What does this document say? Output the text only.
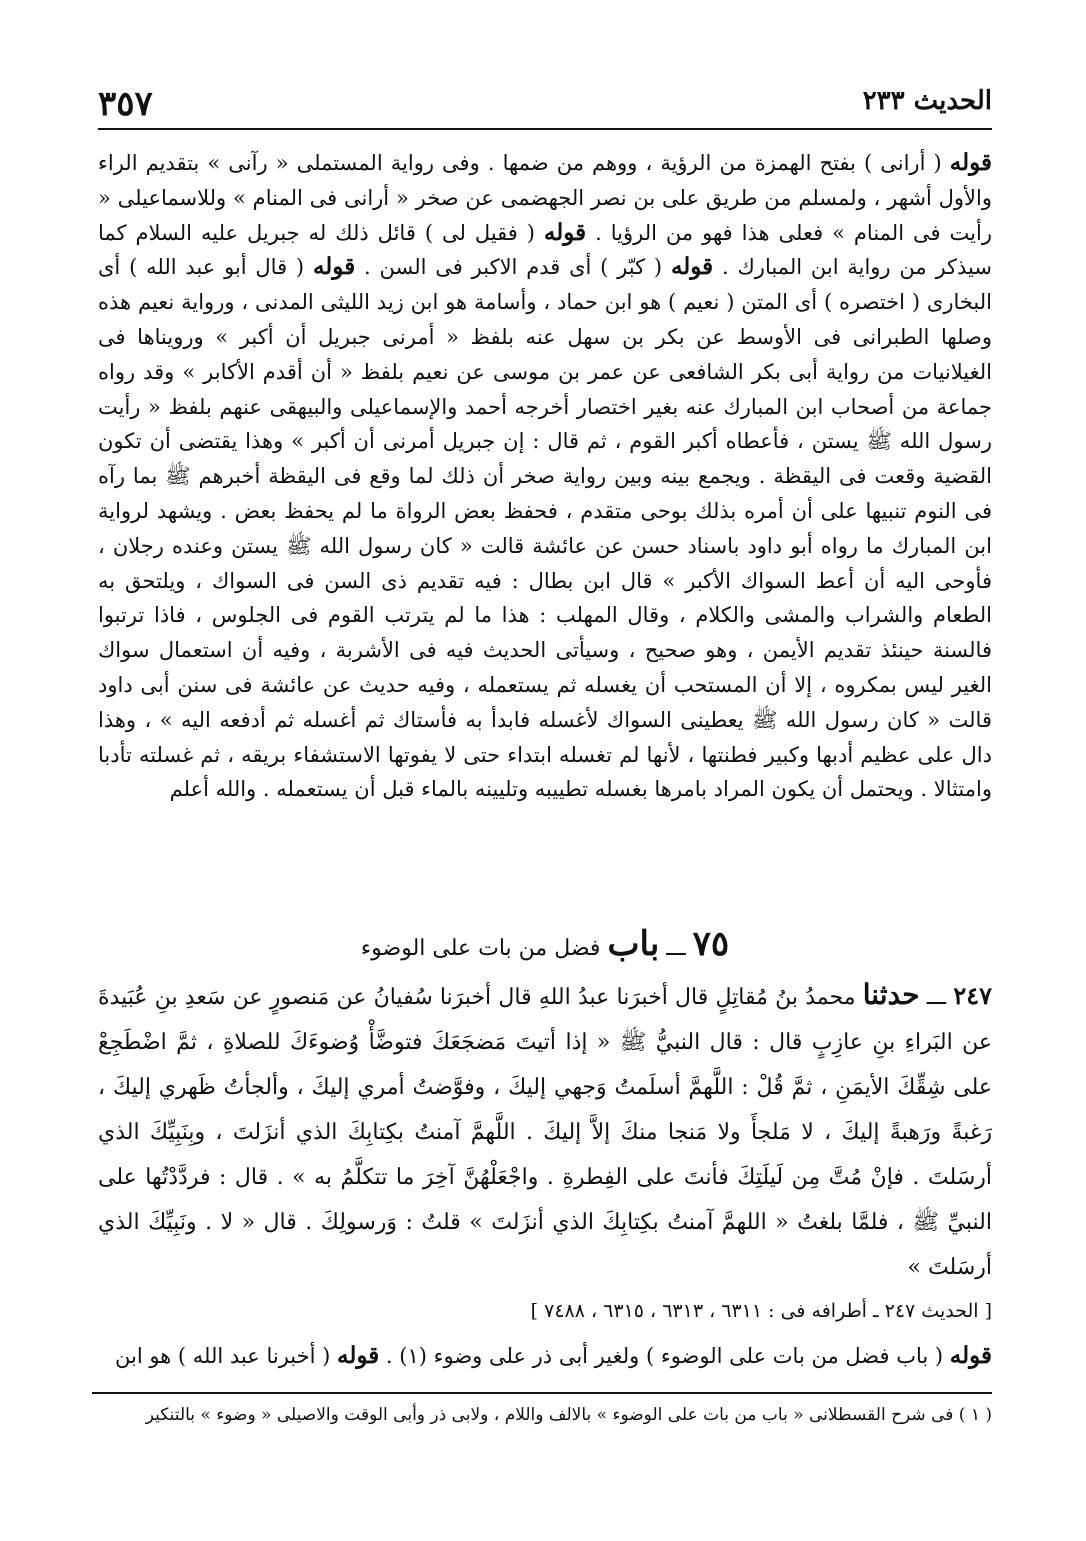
٣٥٧	الحديث ٢٣٣

قوله ( أرانى ) بفتح الهمزة من الرؤية ، ووهم من ضمها . وفى رواية المستملى « رآنى » بتقديم الراء والأول أشهر ، ولمسلم من طريق على بن نصر الجهضمى عن صخر « أرانى فى المنام » وللاسماعيلى « رأيت فى المنام » فعلى هذا فهو من الرؤيا . قوله ( فقيل لى ) قائل ذلك له جبريل عليه السلام كما سيذكر من رواية ابن المبارك . قوله ( كبّر ) أى قدم الاكبر فى السن . قوله ( قال أبو عبد الله ) أى البخارى ( اختصره ) أى المتن ( نعيم ) هو ابن حماد ، وأسامة هو ابن زيد الليثى المدنى ، ورواية نعيم هذه وصلها الطبرانى فى الأوسط عن بكر بن سهل عنه بلفظ « أمرنى جبريل أن أكبر » ورويناها فى الغيلانيات من رواية أبى بكر الشافعى عن عمر بن موسى عن نعيم بلفظ « أن أقدم الأكابر » وقد رواه جماعة من أصحاب ابن المبارك عنه بغير اختصار أخرجه أحمد والإسماعيلى والبيهقى عنهم بلفظ « رأيت رسول الله ﷺ يستن ، فأعطاه أكبر القوم ، ثم قال : إن جبريل أمرنى أن أكبر » وهذا يقتضى أن تكون القضية وقعت فى اليقظة . ويجمع بينه وبين رواية صخر أن ذلك لما وقع فى اليقظة أخبرهم ﷺ بما رآه فى النوم تنبيها على أن أمره بذلك بوحى متقدم ، فحفظ بعض الرواة ما لم يحفظ بعض . ويشهد لرواية ابن المبارك ما رواه أبو داود باسناد حسن عن عائشة قالت « كان رسول الله ﷺ يستن وعنده رجلان ، فأوحى اليه أن أعط السواك الأكبر » قال ابن بطال : فيه تقديم ذى السن فى السواك ، ويلتحق به الطعام والشراب والمشى والكلام ، وقال المهلب : هذا ما لم يترتب القوم فى الجلوس ، فاذا ترتبوا فالسنة حينئذ تقديم الأيمن ، وهو صحيح ، وسيأتى الحديث فيه فى الأشربة ، وفيه أن استعمال سواك الغير ليس بمكروه ، إلا أن المستحب أن يغسله ثم يستعمله ، وفيه حديث عن عائشة فى سنن أبى داود قالت « كان رسول الله ﷺ يعطينى السواك لأغسله فابدأ به فأستاك ثم أغسله ثم أدفعه اليه » ، وهذا دال على عظيم أدبها وكبير فطنتها ، لأنها لم تغسله ابتداء حتى لا يفوتها الاستشفاء بريقه ، ثم غسلته تأدبا وامتثالا . ويحتمل أن يكون المراد بامرها بغسله تطييبه وتليينه بالماء قبل أن يستعمله . والله أعلم

٧٥ ـــ باب فضل من بات على الوضوء

٢٤٧ ـــ حدثنا محمدُ بنُ مُقاتِلٍ قال أخبرَنا عبدُ اللهِ قال أخبرَنا سُفيانُ عن مَنصورٍ عن سَعدِ بنِ عُبَيدةَ عن البَراءِ بنِ عازِبٍ قال : قال النبيُّ ﷺ « إذا أتيتَ مَضجَعَكَ فتوضَّأْ وُضوءَكَ للصلاةِ ، ثمَّ اضْطَجِعْ على شِقِّكَ الأيمَنِ ، ثمَّ قُلْ : اللَّهمَّ أسلَمتُ وَجهي إليكَ ، وفوَّضتُ أمري إليكَ ، وألجأتُ ظَهري إليكَ ، رَغبةً ورَهبةً إليكَ ، لا مَلجأَ ولا مَنجا منكَ إلاَّ إليكَ . اللَّهمَّ آمنتُ بكِتابِكَ الذي أنزَلتَ ، وبِنَبِيِّكَ الذي أرسَلتَ . فإنْ مُتَّ مِن لَيلَتِكَ فأنتَ على الفِطرةِ . واجْعَلْهُنَّ آخِرَ ما تتكلَّمُ به » . قال : فردَّدْتُها على النبيِّ ﷺ ، فلمَّا بلغتُ « اللهمَّ آمنتُ بكِتابِكَ الذي أنزَلتَ » قلتُ : وَرسولِكَ . قال « لا . ونَبِيِّكَ الذي أرسَلتَ »

[ الحديث ٢٤٧ ـ أطرافه فى : ٦٣١١ ، ٦٣١٣ ، ٦٣١٥ ، ٧٤٨٨ ]

قوله ( باب فضل من بات على الوضوء ) ولغير أبى ذر على وضوء (١) . قوله ( أخبرنا عبد الله ) هو ابن

( ١ ) فى شرح القسطلانى « باب من بات على الوضوء » بالالف واللام ، ولابى ذر وأبى الوقت والاصيلى « وضوء » بالتنكير
